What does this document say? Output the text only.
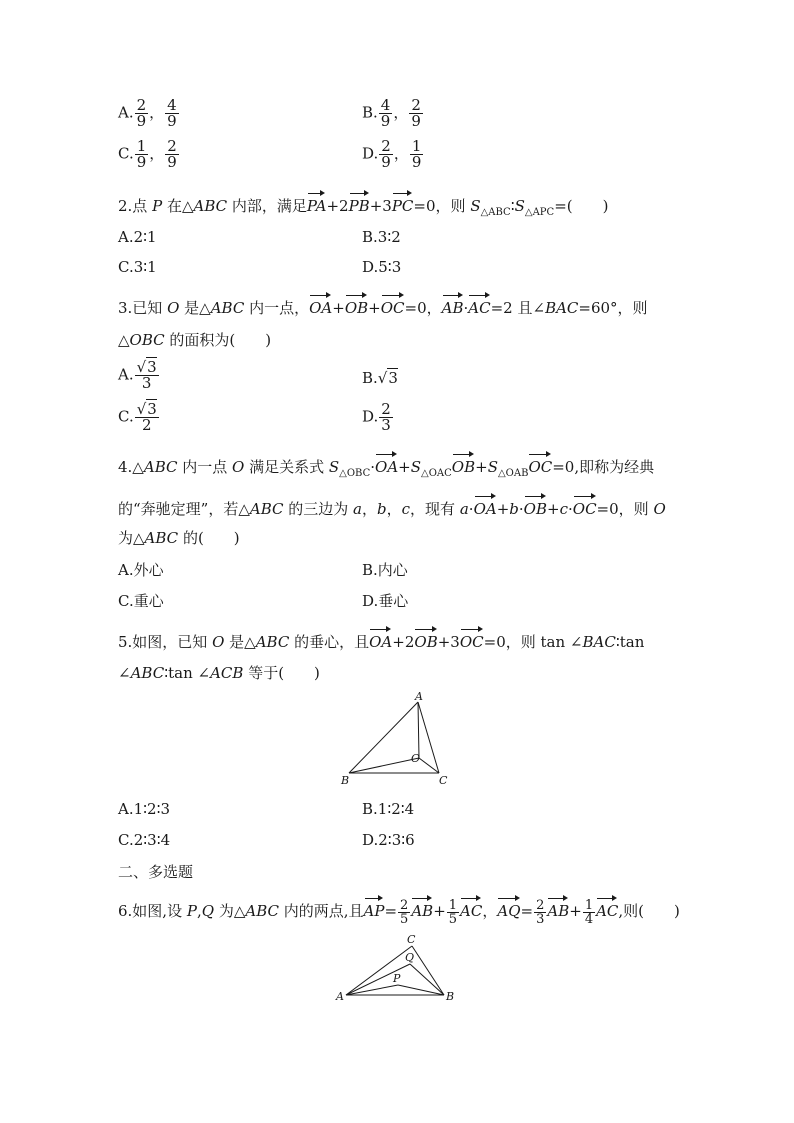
A. $\frac{2}{9}$ ， $\frac{4}{9}$	B. $\frac{4}{9}$ ， $\frac{2}{9}$
C. $\frac{1}{9}$ ， $\frac{2}{9}$	D. $\frac{2}{9}$ ， $\frac{1}{9}$
2.点 P 在△ABC 内部，满足PA+2PB+3PC=0，则 $S_{\triangle ABC}∶S_{\triangle APC}=$(　　)
A.2∶1	B.3∶2
C.3∶1	D.5∶3
3.已知 O 是△ABC 内一点，OA+OB+OC=0，AB·AC=2 且∠BAC=60°，则
△OBC 的面积为(　　)
A. $\frac{√3}{3}$	B.√3
C. $\frac{√3}{2}$	D. $\frac{2}{3}$
4.△ABC 内一点 O 满足关系式 $S_{\triangle OBC}\cdot OA+S_{\triangle OAC}OB+S_{\triangle OAB}OC=0$,即称为经典
的“奔驰定理”，若△ABC 的三边为 a，b，c，现有 a·OA+b·OB+c·OC=0，则 O
为△ABC 的(　　)
A.外心	B.内心
C.重心	D.垂心
5.如图，已知 O 是△ABC 的垂心，且OA+2OB+3OC=0，则 tan ∠BAC∶tan
∠ABC∶tan ∠ACB 等于(　　)
A
B	C
O
A.1∶2∶3	B.1∶2∶4
C.2∶3∶4	D.2∶3∶6
二、多选题
6.如图,设 P,Q 为△ABC 内的两点,且$AP= \frac{2}{5} AB+ \frac{1}{5}$ AC，$AQ= \frac{2}{3} AB+ \frac{1}{4}$ AC,则(　　)
C
Q
P
A	B
